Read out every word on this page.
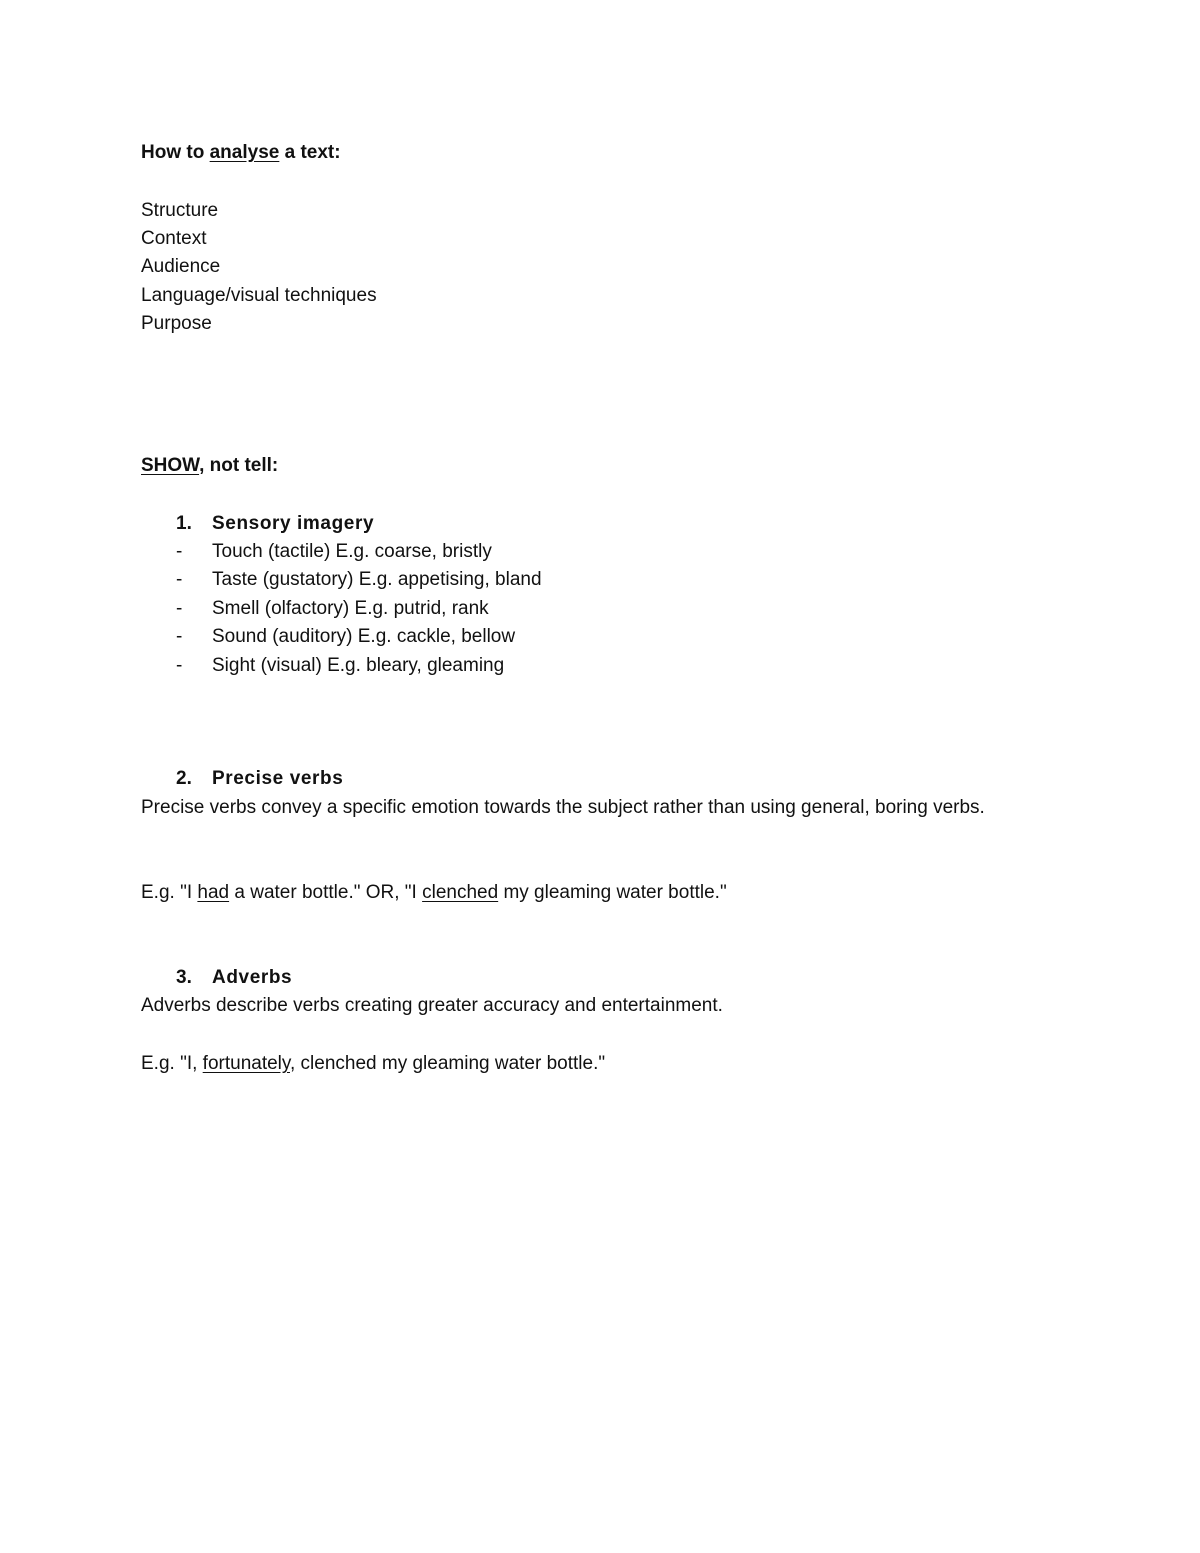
How to analyse a text:
Structure
Context
Audience
Language/visual techniques
Purpose
SHOW, not tell:
1. Sensory imagery
- Touch (tactile) E.g. coarse, bristly
- Taste (gustatory) E.g. appetising, bland
- Smell (olfactory) E.g. putrid, rank
- Sound (auditory) E.g. cackle, bellow
- Sight (visual) E.g. bleary, gleaming
2. Precise verbs
Precise verbs convey a specific emotion towards the subject rather than using general, boring verbs.
E.g. "I had a water bottle." OR, "I clenched my gleaming water bottle."
3. Adverbs
Adverbs describe verbs creating greater accuracy and entertainment.
E.g. "I, fortunately, clenched my gleaming water bottle."
